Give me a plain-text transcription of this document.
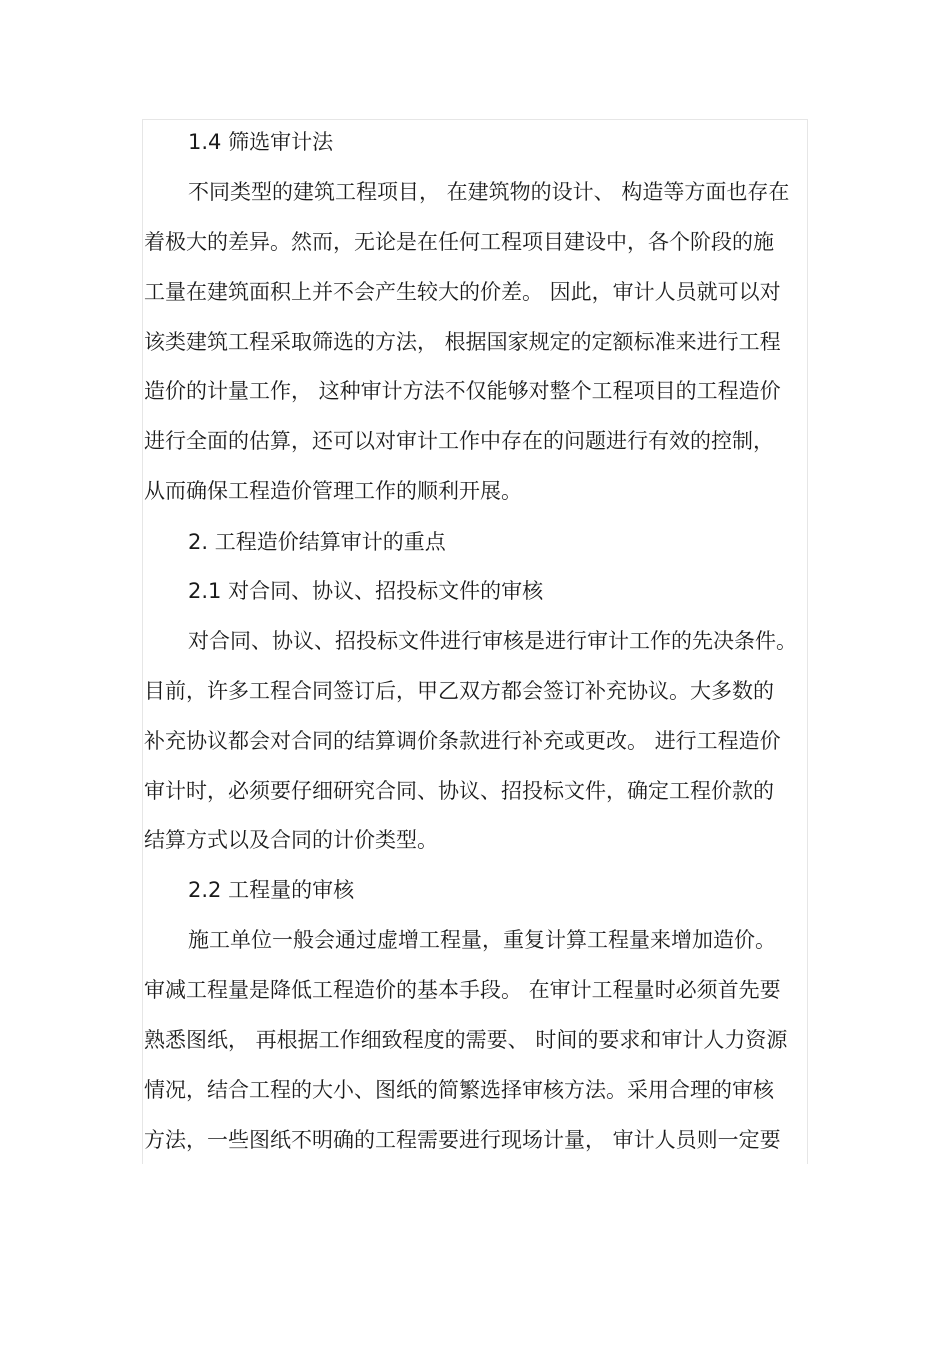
1.4 筛选审计法
不同类型的建筑工程项目， 在建筑物的设计、 构造等方面也存在
着极大的差异。然而，无论是在任何工程项目建设中，各个阶段的施
工量在建筑面积上并不会产生较大的价差。 因此，审计人员就可以对
该类建筑工程采取筛选的方法， 根据国家规定的定额标准来进行工程
造价的计量工作， 这种审计方法不仅能够对整个工程项目的工程造价
进行全面的估算，还可以对审计工作中存在的问题进行有效的控制，
从而确保工程造价管理工作的顺利开展。
2. 工程造价结算审计的重点
2.1 对合同、协议、招投标文件的审核
对合同、协议、招投标文件进行审核是进行审计工作的先决条件。
目前，许多工程合同签订后，甲乙双方都会签订补充协议。大多数的
补充协议都会对合同的结算调价条款进行补充或更改。 进行工程造价
审计时，必须要仔细研究合同、协议、招投标文件，确定工程价款的
结算方式以及合同的计价类型。
2.2 工程量的审核
施工单位一般会通过虚增工程量，重复计算工程量来增加造价。
审减工程量是降低工程造价的基本手段。 在审计工程量时必须首先要
熟悉图纸， 再根据工作细致程度的需要、 时间的要求和审计人力资源
情况，结合工程的大小、图纸的简繁选择审核方法。采用合理的审核
方法，一些图纸不明确的工程需要进行现场计量， 审计人员则一定要
